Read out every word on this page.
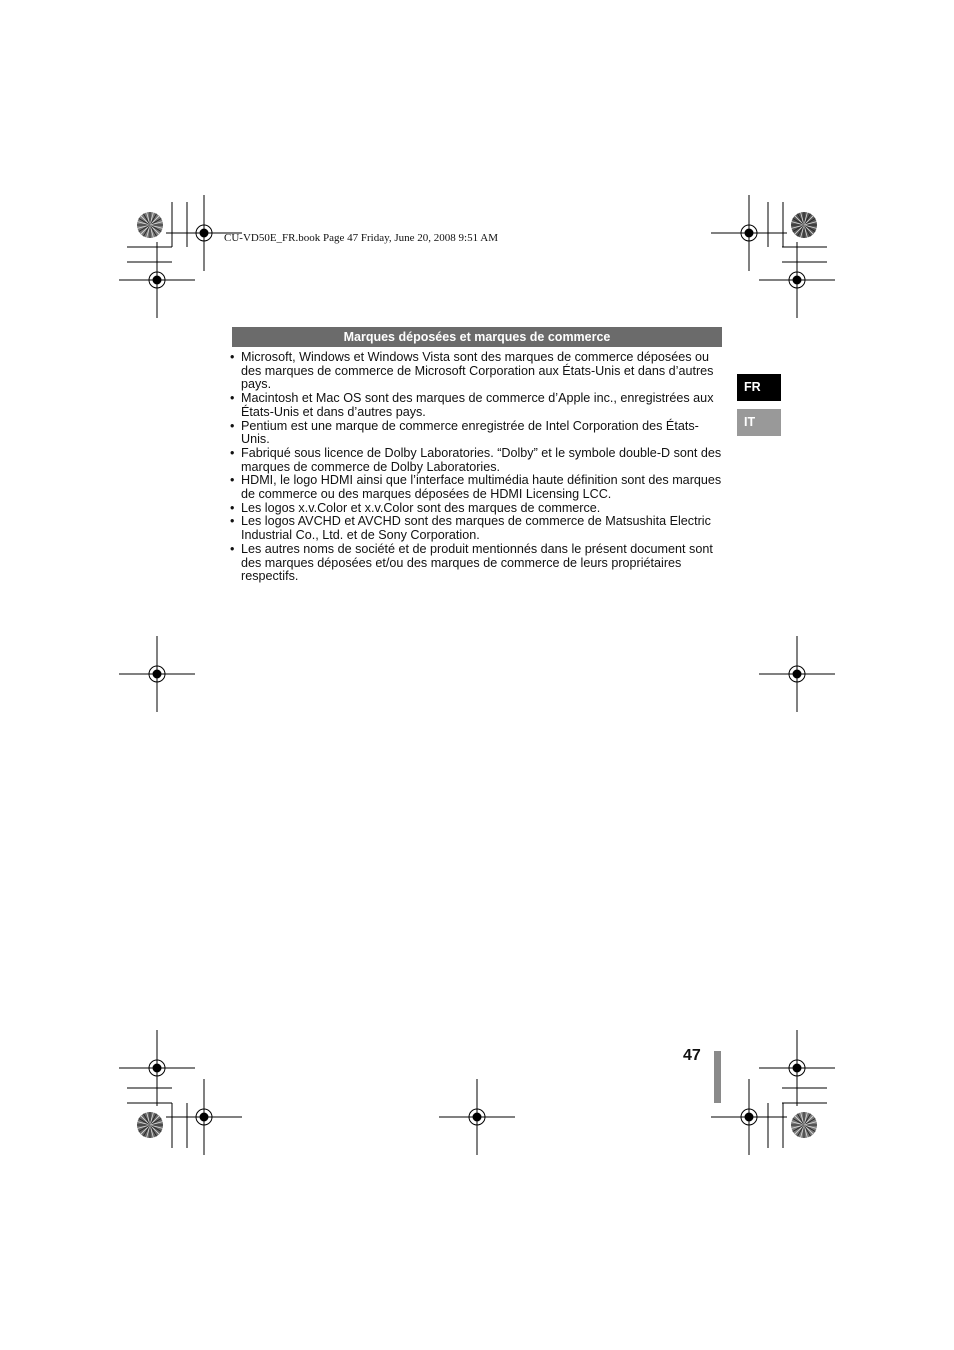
CU-VD50E_FR.book Page 47 Friday, June 20, 2008 9:51 AM
Marques déposées et marques de commerce
• Microsoft, Windows et Windows Vista sont des marques de commerce déposées ou des marques de commerce de Microsoft Corporation aux États-Unis et dans d’autres pays.
• Macintosh et Mac OS sont des marques de commerce d’Apple inc., enregistrées aux États-Unis et dans d’autres pays.
• Pentium est une marque de commerce enregistrée de Intel Corporation des États-Unis.
• Fabriqué sous licence de Dolby Laboratories. “Dolby” et le symbole double-D sont des marques de commerce de Dolby Laboratories.
• HDMI, le logo HDMI ainsi que l’interface multimédia haute définition sont des marques de commerce ou des marques déposées de HDMI Licensing LCC.
• Les logos x.v.Color et x.v.Color sont des marques de commerce.
• Les logos AVCHD et AVCHD sont des marques de commerce de Matsushita Electric Industrial Co., Ltd. et de Sony Corporation.
• Les autres noms de société et de produit mentionnés dans le présent document sont des marques déposées et/ou des marques de commerce de leurs propriétaires respectifs.
FR
IT
47
